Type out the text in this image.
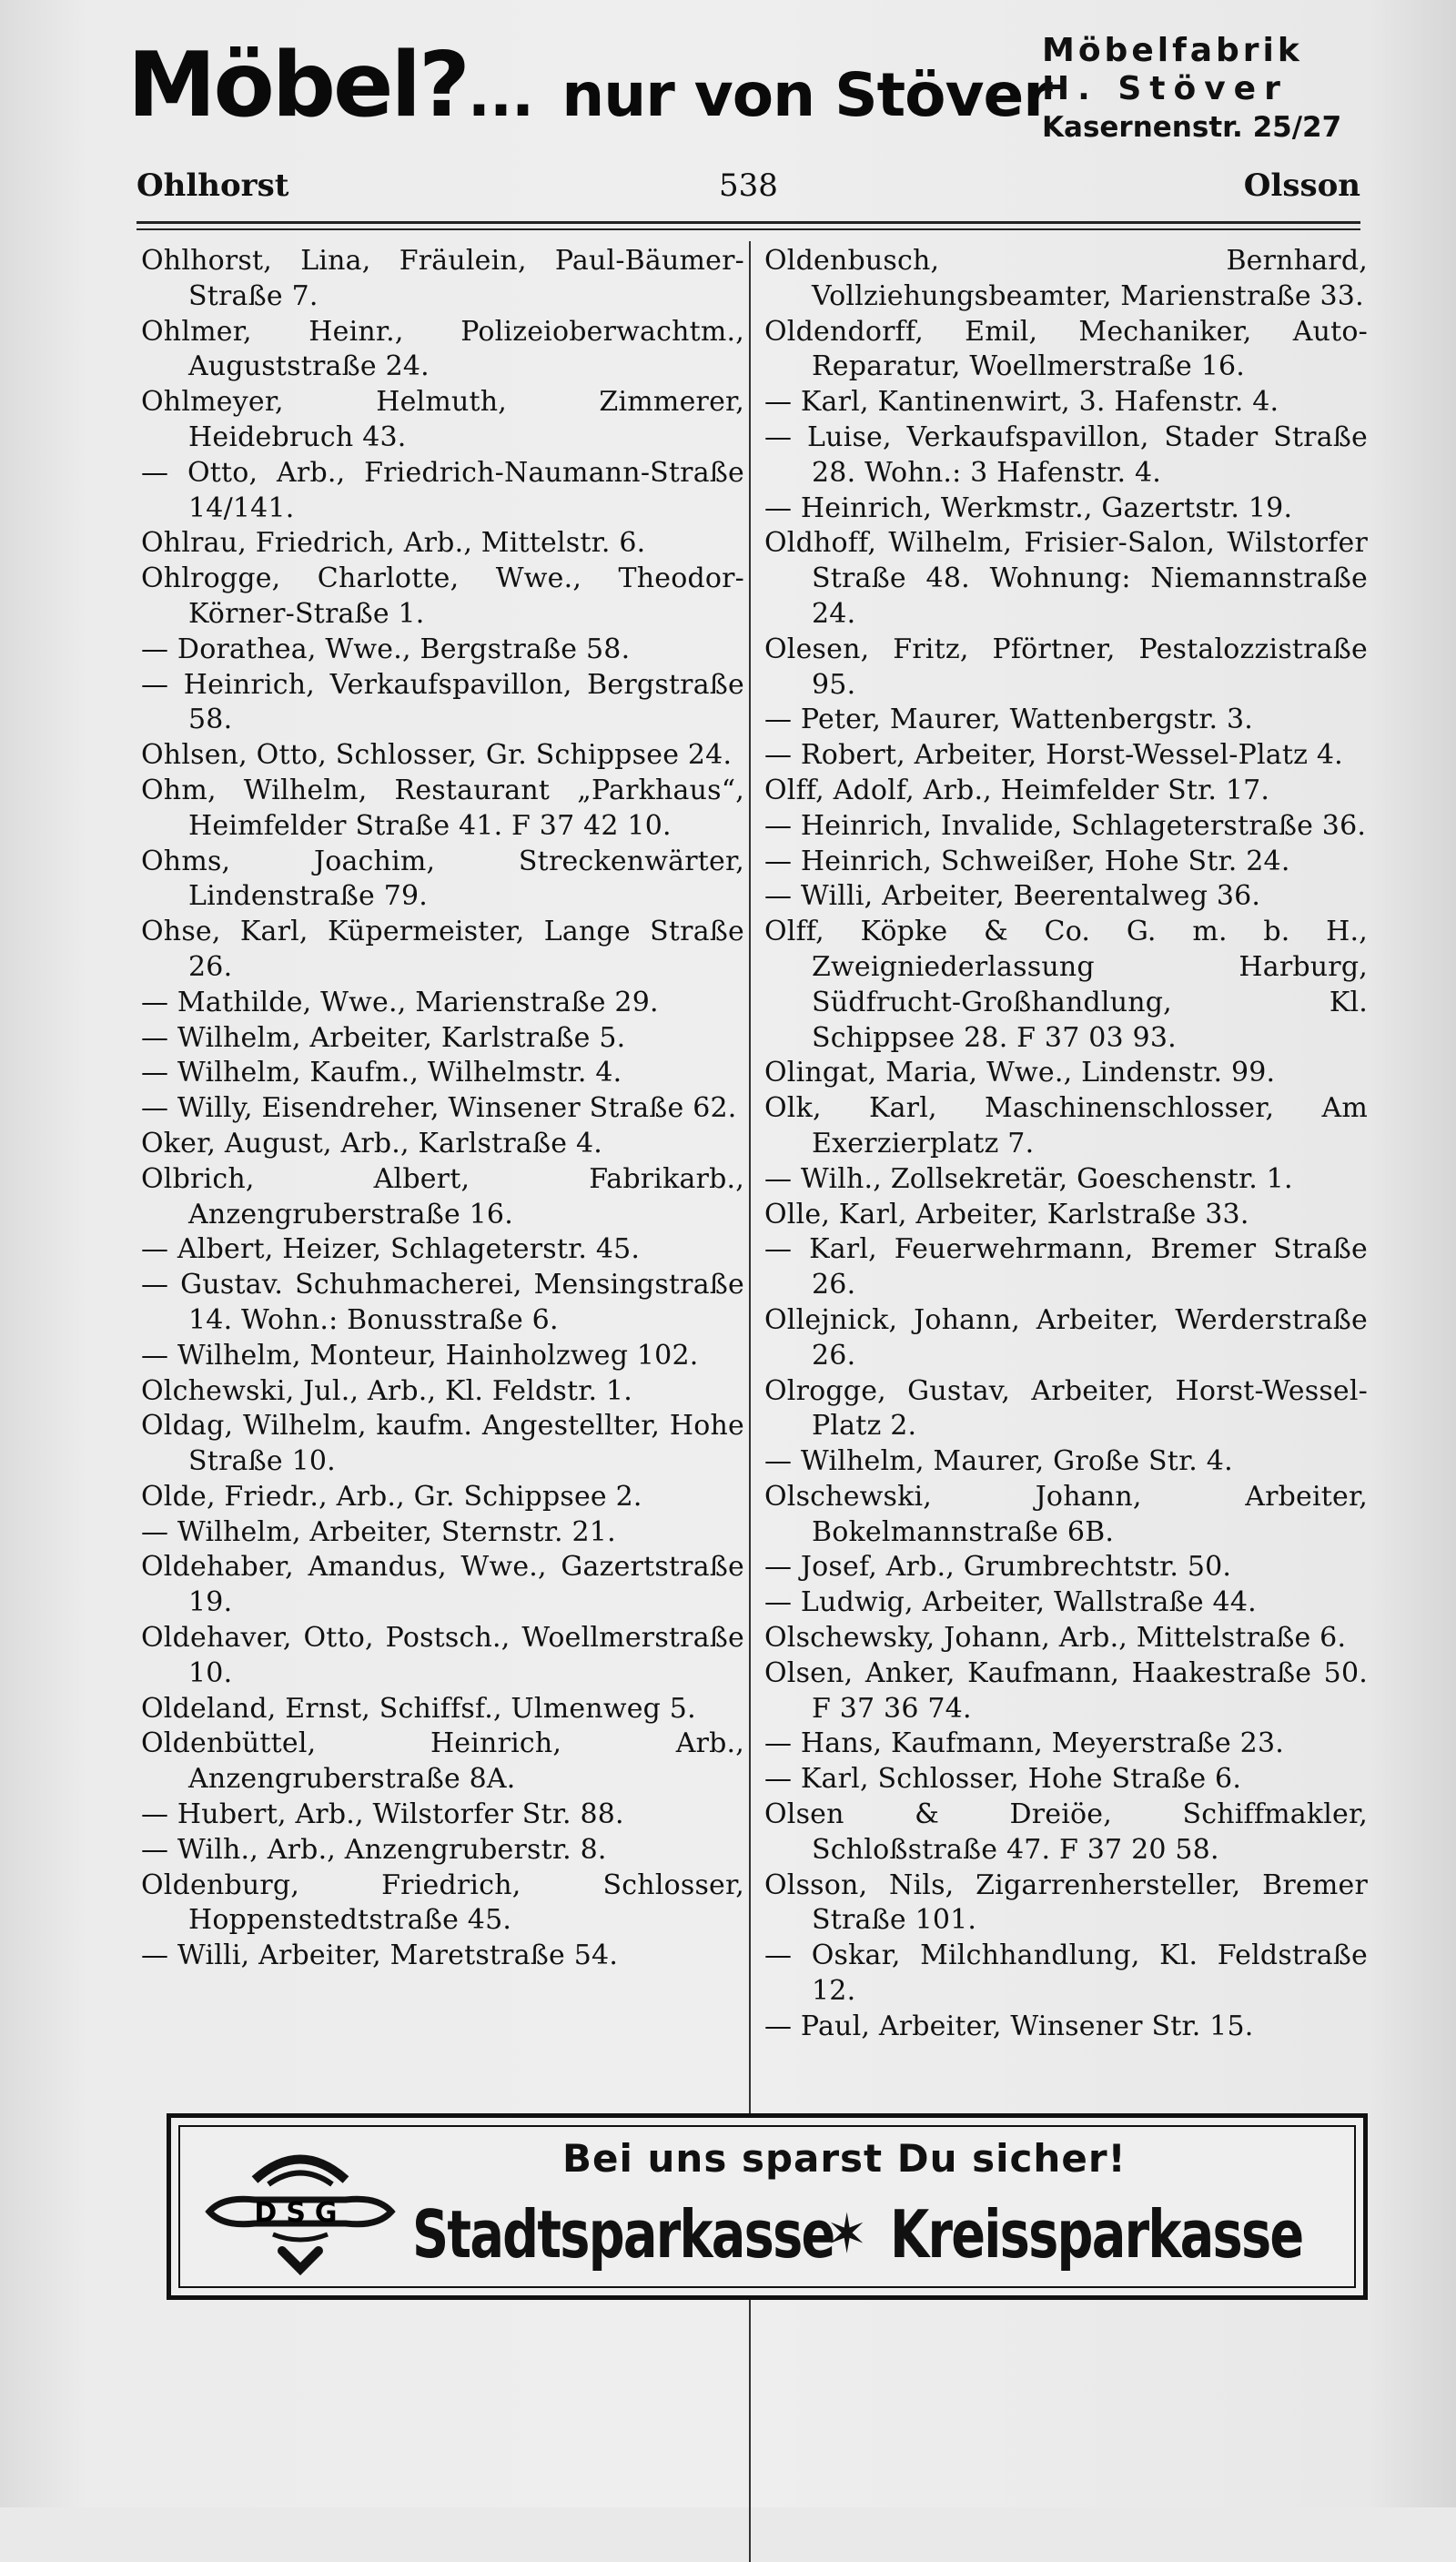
Möbel?... nur von Stöver
Möbelfabrik
H. Stöver
Kasernenstr. 25/27
Ohlhorst	538	Olsson
Ohlhorst, Lina, Fräulein, Paul-Bäumer-Straße 7.
Ohlmer, Heinr., Polizeioberwachtm., Auguststraße 24.
Ohlmeyer, Helmuth, Zimmerer, Heidebruch 43.
— Otto, Arb., Friedrich-Naumann-Straße 14/141.
Ohlrau, Friedrich, Arb., Mittelstr. 6.
Ohlrogge, Charlotte, Wwe., Theodor-Körner-Straße 1.
— Dorathea, Wwe., Bergstraße 58.
— Heinrich, Verkaufspavillon, Bergstraße 58.
Ohlsen, Otto, Schlosser, Gr. Schippsee 24.
Ohm, Wilhelm, Restaurant „Parkhaus“, Heimfelder Straße 41. F 37 42 10.
Ohms, Joachim, Streckenwärter, Lindenstraße 79.
Ohse, Karl, Küpermeister, Lange Straße 26.
— Mathilde, Wwe., Marienstraße 29.
— Wilhelm, Arbeiter, Karlstraße 5.
— Wilhelm, Kaufm., Wilhelmstr. 4.
— Willy, Eisendreher, Winsener Straße 62.
Oker, August, Arb., Karlstraße 4.
Olbrich, Albert, Fabrikarb., Anzengruberstraße 16.
— Albert, Heizer, Schlageterstr. 45.
— Gustav. Schuhmacherei, Mensingstraße 14. Wohn.: Bonusstraße 6.
— Wilhelm, Monteur, Hainholzweg 102.
Olchewski, Jul., Arb., Kl. Feldstr. 1.
Oldag, Wilhelm, kaufm. Angestellter, Hohe Straße 10.
Olde, Friedr., Arb., Gr. Schippsee 2.
— Wilhelm, Arbeiter, Sternstr. 21.
Oldehaber, Amandus, Wwe., Gazertstraße 19.
Oldehaver, Otto, Postsch., Woellmerstraße 10.
Oldeland, Ernst, Schiffsf., Ulmenweg 5.
Oldenbüttel, Heinrich, Arb., Anzengruberstraße 8A.
— Hubert, Arb., Wilstorfer Str. 88.
— Wilh., Arb., Anzengruberstr. 8.
Oldenburg, Friedrich, Schlosser, Hoppenstedtstraße 45.
— Willi, Arbeiter, Maretstraße 54.
Oldenbusch, Bernhard, Vollziehungsbeamter, Marienstraße 33.
Oldendorff, Emil, Mechaniker, Auto-Reparatur, Woellmerstraße 16.
— Karl, Kantinenwirt, 3. Hafenstr. 4.
— Luise, Verkaufspavillon, Stader Straße 28. Wohn.: 3 Hafenstr. 4.
— Heinrich, Werkmstr., Gazertstr. 19.
Oldhoff, Wilhelm, Frisier-Salon, Wilstorfer Straße 48. Wohnung: Niemannstraße 24.
Olesen, Fritz, Pförtner, Pestalozzistraße 95.
— Peter, Maurer, Wattenbergstr. 3.
— Robert, Arbeiter, Horst-Wessel-Platz 4.
Olff, Adolf, Arb., Heimfelder Str. 17.
— Heinrich, Invalide, Schlageterstraße 36.
— Heinrich, Schweißer, Hohe Str. 24.
— Willi, Arbeiter, Beerentalweg 36.
Olff, Köpke & Co. G. m. b. H., Zweigniederlassung Harburg, Südfrucht-Großhandlung, Kl. Schippsee 28. F 37 03 93.
Olingat, Maria, Wwe., Lindenstr. 99.
Olk, Karl, Maschinenschlosser, Am Exerzierplatz 7.
— Wilh., Zollsekretär, Goeschenstr. 1.
Olle, Karl, Arbeiter, Karlstraße 33.
— Karl, Feuerwehrmann, Bremer Straße 26.
Ollejnick, Johann, Arbeiter, Werderstraße 26.
Olrogge, Gustav, Arbeiter, Horst-Wessel-Platz 2.
— Wilhelm, Maurer, Große Str. 4.
Olschewski, Johann, Arbeiter, Bokelmannstraße 6B.
— Josef, Arb., Grumbrechtstr. 50.
— Ludwig, Arbeiter, Wallstraße 44.
Olschewsky, Johann, Arb., Mittelstraße 6.
Olsen, Anker, Kaufmann, Haakestraße 50. F 37 36 74.
— Hans, Kaufmann, Meyerstraße 23.
— Karl, Schlosser, Hohe Straße 6.
Olsen & Dreiöe, Schiffmakler, Schloßstraße 47. F 37 20 58.
Olsson, Nils, Zigarrenhersteller, Bremer Straße 101.
— Oskar, Milchhandlung, Kl. Feldstraße 12.
— Paul, Arbeiter, Winsener Str. 15.
DSG
Bei uns sparst Du sicher!
Stadtsparkasse
✶ Kreissparkasse
